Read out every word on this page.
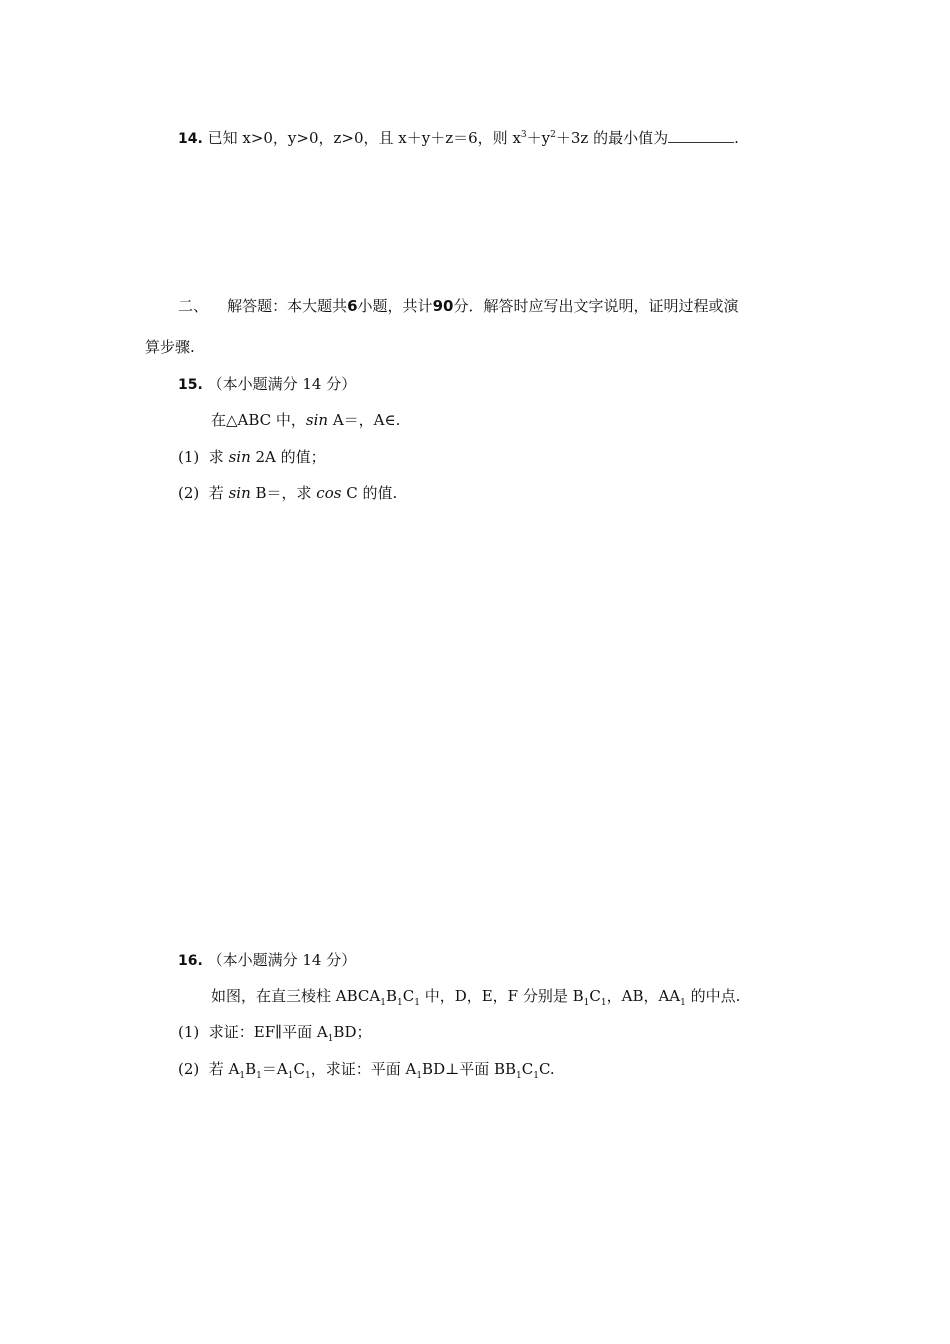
14. 已知 x>0，y>0，z>0，且 x＋y＋z＝6，则 $x^3+y^2+3z$ 的最小值为	.
二、 解答题：本大题共6小题，共计90分．解答时应写出文字说明，证明过程或演
算步骤.
15. （本小题满分 14 分）
在△ABC 中，sin A＝，A∈.
(1) 求 sin 2A 的值；
(2) 若 sin B＝，求 cos C 的值.
16. （本小题满分 14 分）
如图，在直三棱柱 $ABCA_1B_1C_1$ 中，D，E，F 分别是 $B_1C_1$，AB，$AA_1$ 的中点.
(1) 求证：EF∥平面 $A_1BD$；
(2) 若 $A_1B_1=A_1C_1$，求证：平面 $A_1BD\perp$平面 $BB_1C_1C$.
